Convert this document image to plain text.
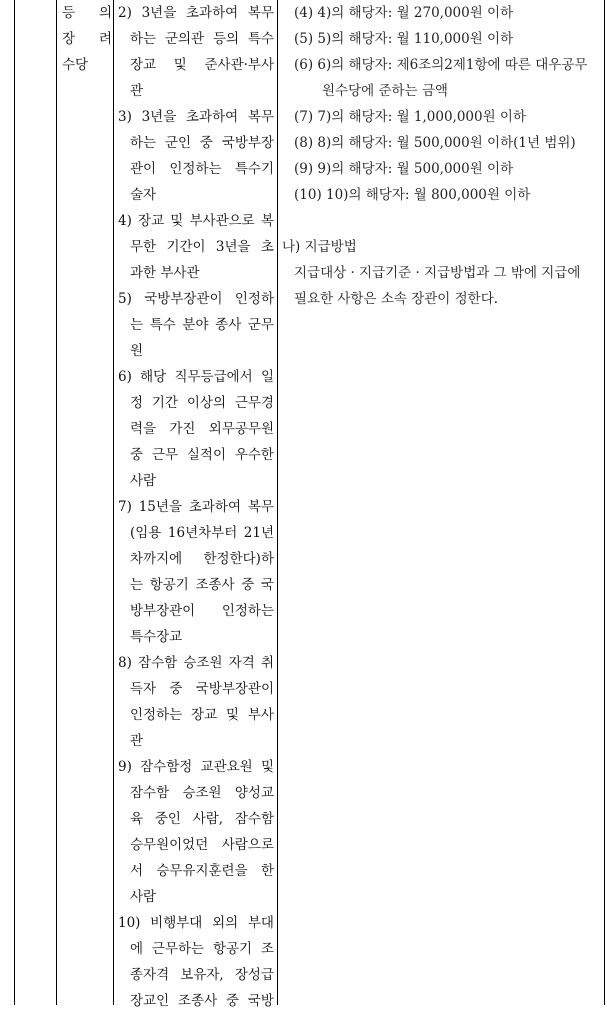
등 의
장 려
수당
2) 3년을 초과하여 복무
하는 군의관 등의 특수
장교 및 준사관·부사
관
3) 3년을 초과하여 복무
하는 군인 중 국방부장
관이 인정하는 특수기
술자
4) 장교 및 부사관으로 복
무한 기간이 3년을 초
과한 부사관
5) 국방부장관이 인정하
는 특수 분야 종사 군무
원
6) 해당 직무등급에서 일
정 기간 이상의 근무경
력을 가진 외무공무원
중 근무 실적이 우수한
사람
7) 15년을 초과하여 복무
(임용 16년차부터 21년
차까지에 한정한다)하
는 항공기 조종사 중 국
방부장관이 인정하는
특수장교
8) 잠수함 승조원 자격 취
득자 중 국방부장관이
인정하는 장교 및 부사
관
9) 잠수함정 교관요원 및
잠수함 승조원 양성교
육 중인 사람, 잠수함
승무원이었던 사람으로
서 승무유지훈련을 한
사람
10) 비행부대 외의 부대
에 근무하는 항공기 조
종자격 보유자, 장성급
장교인 조종사 중 국방
(4) 4)의 해당자: 월 270,000원 이하
(5) 5)의 해당자: 월 110,000원 이하
(6) 6)의 해당자: 제6조의2제1항에 따른 대우공무
원수당에 준하는 금액
(7) 7)의 해당자: 월 1,000,000원 이하
(8) 8)의 해당자: 월 500,000원 이하(1년 범위)
(9) 9)의 해당자: 월 500,000원 이하
(10) 10)의 해당자: 월 800,000원 이하
나) 지급방법
지급대상 · 지급기준 · 지급방법과 그 밖에 지급에
필요한 사항은 소속 장관이 정한다.
